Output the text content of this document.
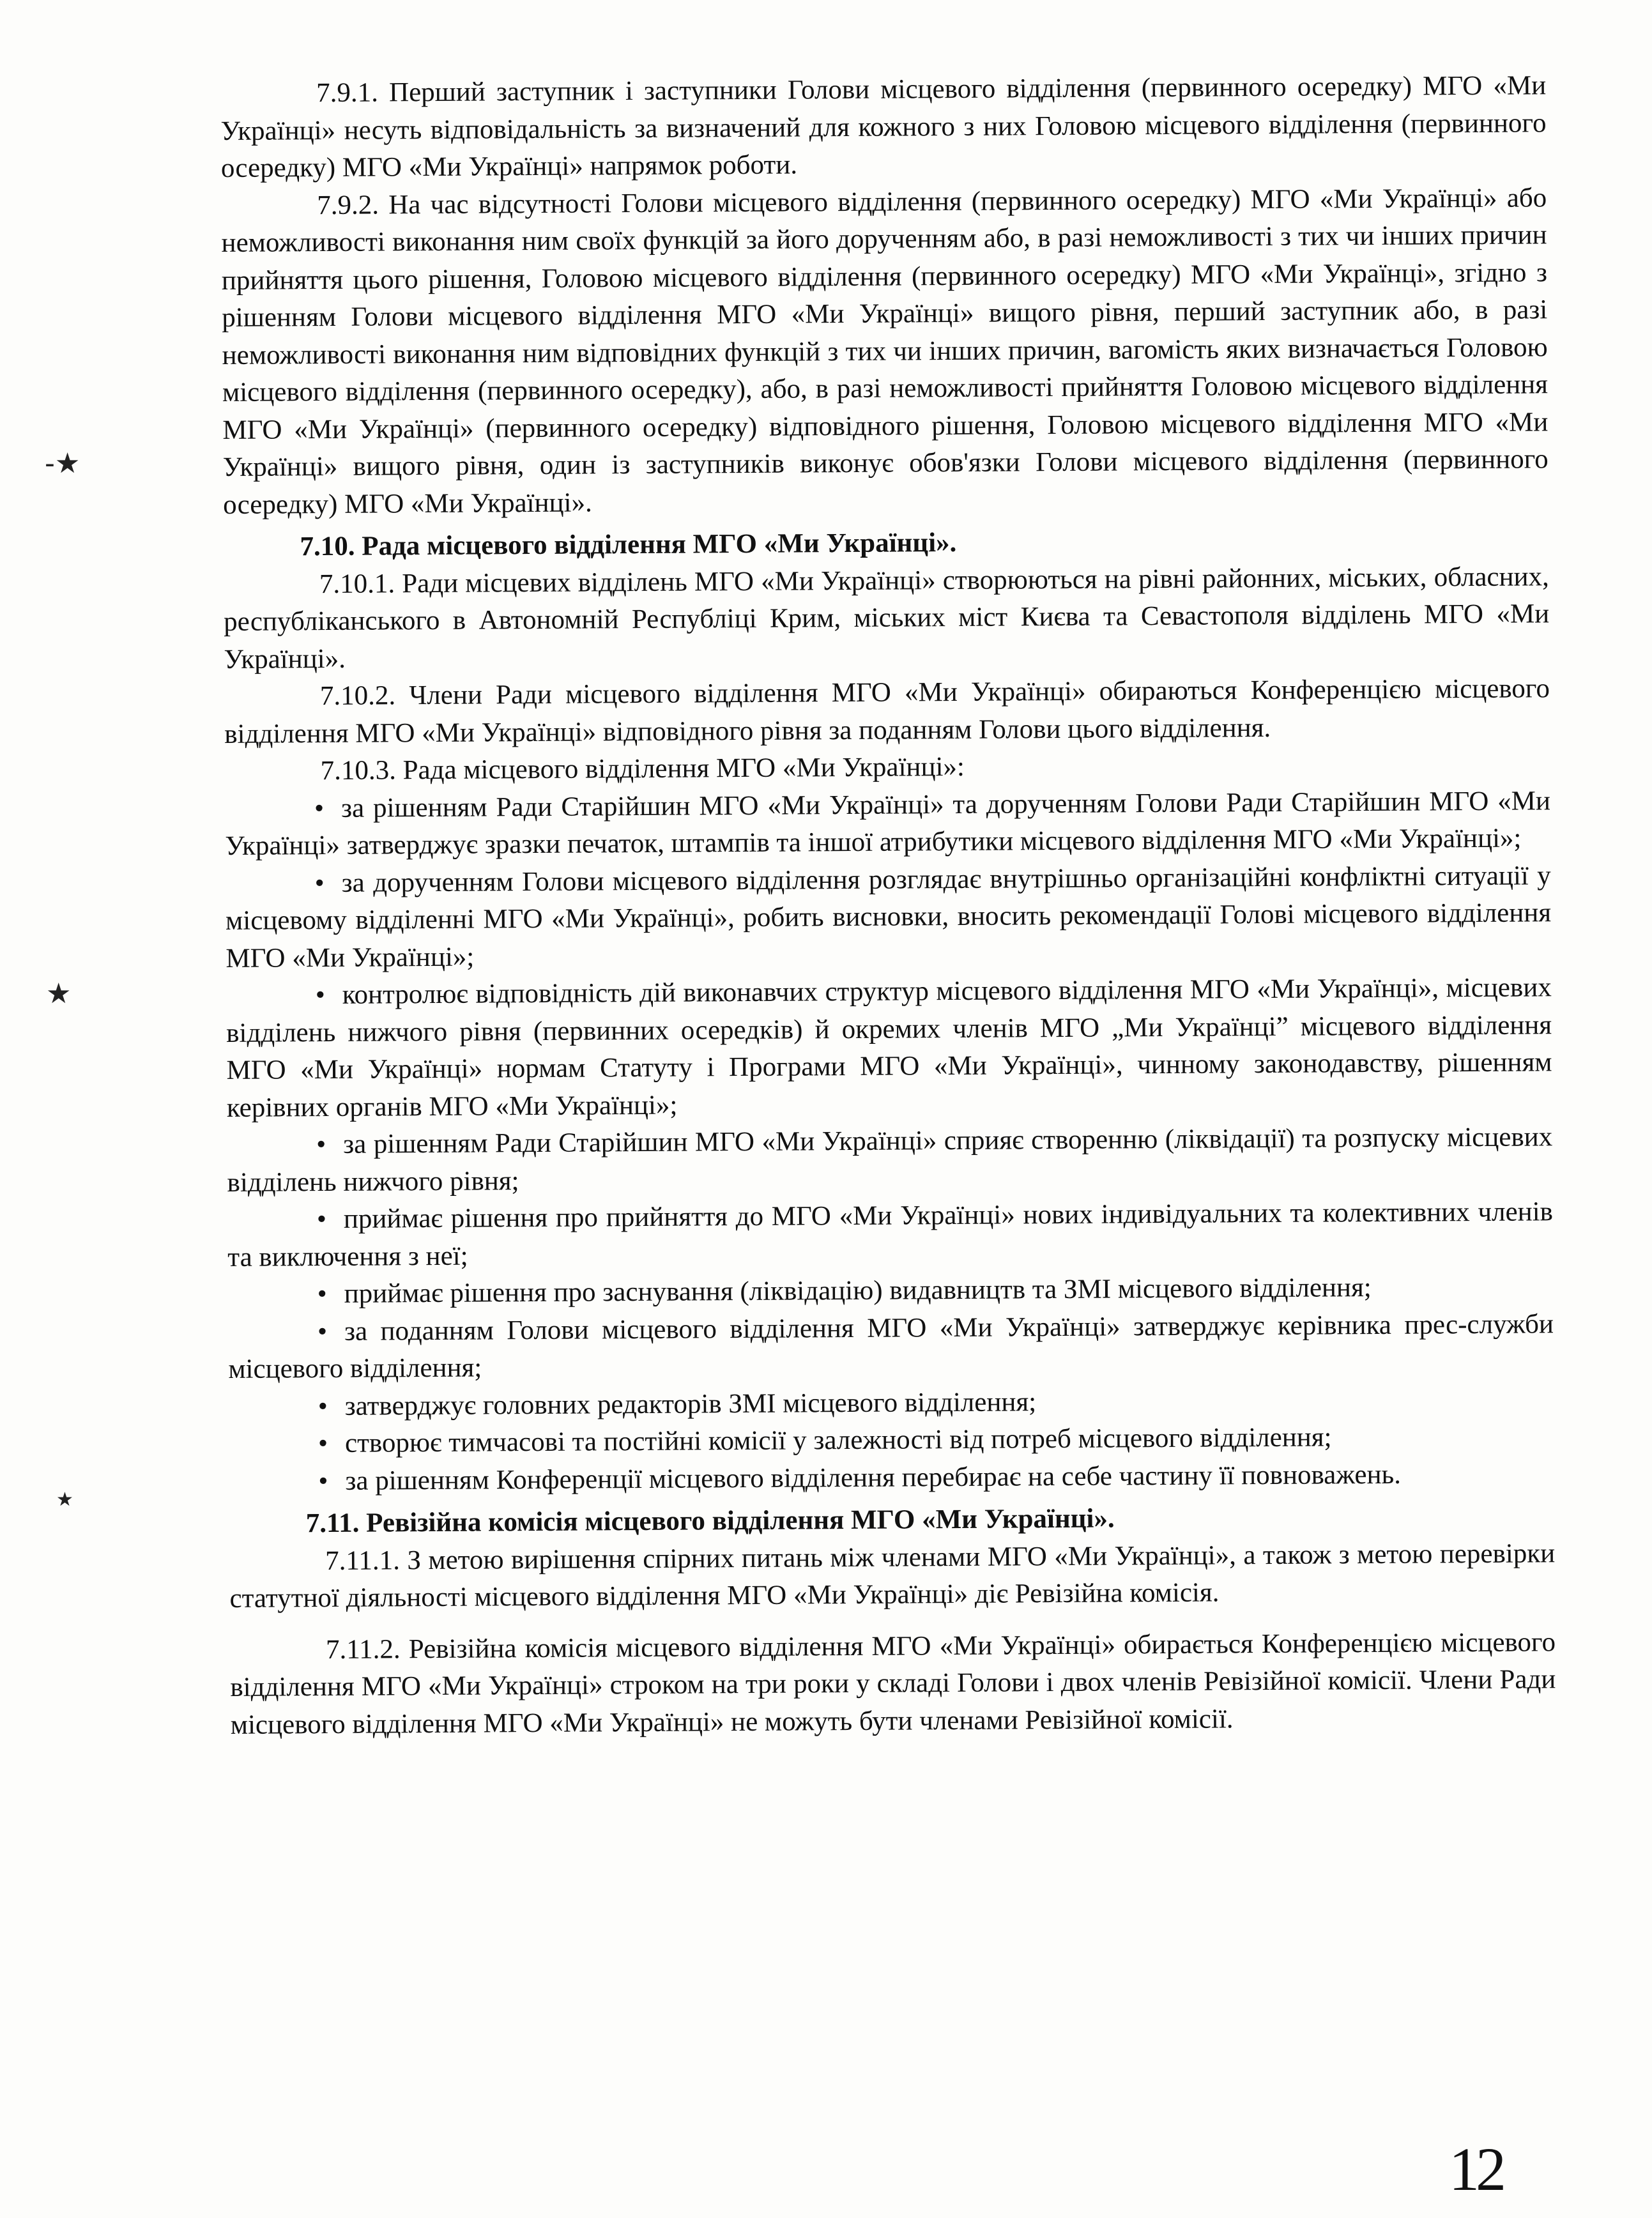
7.9.1. Перший заступник і заступники Голови місцевого відділення (первинного осередку) МГО «Ми Українці» несуть відповідальність за визначений для кожного з них Головою місцевого відділення (первинного осередку) МГО «Ми Українці» напрямок роботи.

7.9.2. На час відсутності Голови місцевого відділення (первинного осередку) МГО «Ми Українці» або неможливості виконання ним своїх функцій за його дорученням або, в разі неможливості з тих чи інших причин прийняття цього рішення, Головою місцевого відділення (первинного осередку) МГО «Ми Українці», згідно з рішенням Голови місцевого відділення МГО «Ми Українці» вищого рівня, перший заступник або, в разі неможливості виконання ним відповідних функцій з тих чи інших причин, вагомість яких визначається Головою місцевого відділення (первинного осередку), або, в разі неможливості прийняття Головою місцевого відділення МГО «Ми Українці» (первинного осередку) відповідного рішення, Головою місцевого відділення МГО «Ми Українці» вищого рівня, один із заступників виконує обов'язки Голови місцевого відділення (первинного осередку) МГО «Ми Українці».

7.10. Рада місцевого відділення МГО «Ми Українці».

7.10.1. Ради місцевих відділень МГО «Ми Українці» створюються на рівні районних, міських, обласних, республіканського в Автономній Республіці Крим, міських міст Києва та Севастополя відділень МГО «Ми Українці».

7.10.2. Члени Ради місцевого відділення МГО «Ми Українці» обираються Конференцією місцевого відділення МГО «Ми Українці» відповідного рівня за поданням Голови цього відділення.

7.10.3. Рада місцевого відділення МГО «Ми Українці»:

• за рішенням Ради Старійшин МГО «Ми Українці» та дорученням Голови Ради Старійшин МГО «Ми Українці» затверджує зразки печаток, штампів та іншої атрибутики місцевого відділення МГО «Ми Українці»;

• за дорученням Голови місцевого відділення розглядає внутрішньо організаційні конфліктні ситуації у місцевому відділенні МГО «Ми Українці», робить висновки, вносить рекомендації Голові місцевого відділення МГО «Ми Українці»;

• контролює відповідність дій виконавчих структур місцевого відділення МГО «Ми Українці», місцевих відділень нижчого рівня (первинних осередків) й окремих членів МГО „Ми Українці” місцевого відділення МГО «Ми Українці» нормам Статуту і Програми МГО «Ми Українці», чинному законодавству, рішенням керівних органів МГО «Ми Українці»;

• за рішенням Ради Старійшин МГО «Ми Українці» сприяє створенню (ліквідації) та розпуску місцевих відділень нижчого рівня;

• приймає рішення про прийняття до МГО «Ми Українці» нових індивідуальних та колективних членів та виключення з неї;

• приймає рішення про заснування (ліквідацію) видавництв та ЗМІ місцевого відділення;

• за поданням Голови місцевого відділення МГО «Ми Українці» затверджує керівника прес-служби місцевого відділення;

• затверджує головних редакторів ЗМІ місцевого відділення;

• створює тимчасові та постійні комісії у залежності від потреб місцевого відділення;

• за рішенням Конференції місцевого відділення перебирає на себе частину її повноважень.

7.11. Ревізійна комісія місцевого відділення МГО «Ми Українці».

7.11.1. З метою вирішення спірних питань між членами МГО «Ми Українці», а також з метою перевірки статутної діяльності місцевого відділення МГО «Ми Українці» діє Ревізійна комісія.

7.11.2. Ревізійна комісія місцевого відділення МГО «Ми Українці» обирається Конференцією місцевого відділення МГО «Ми Українці» строком на три роки у складі Голови і двох членів Ревізійної комісії. Члени Ради місцевого відділення МГО «Ми Українці» не можуть бути членами Ревізійної комісії.

-★
★
★
12
